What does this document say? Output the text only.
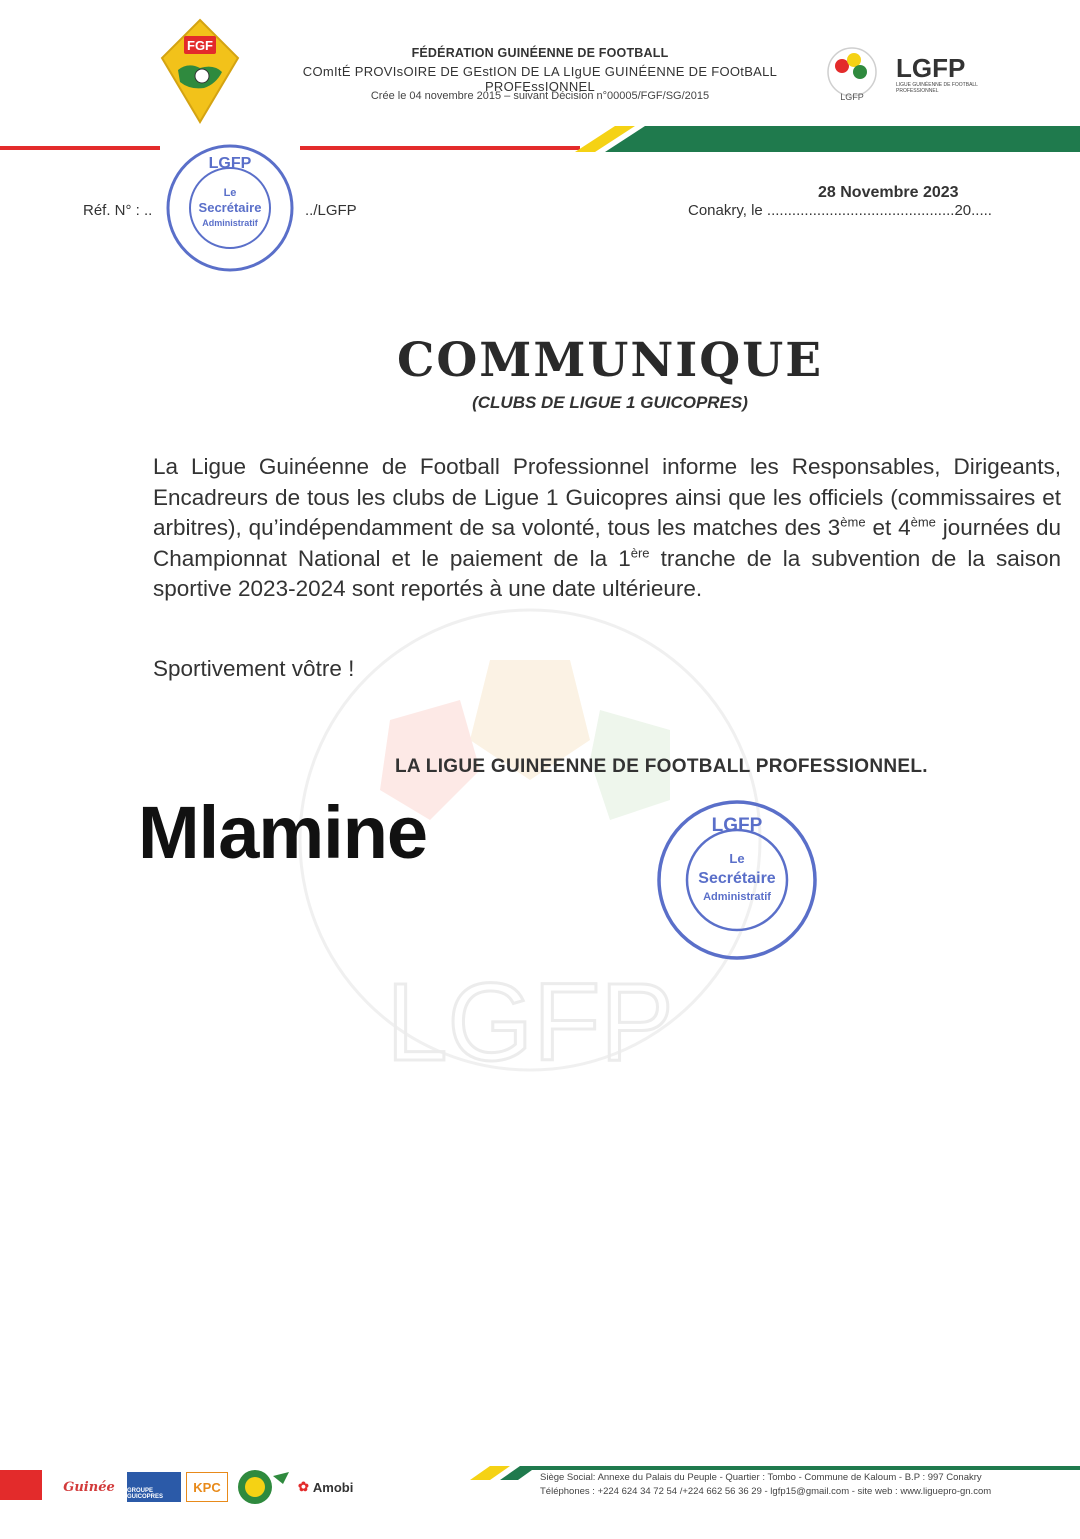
FGF	FÉDÉRATION GUINÉENNE DE FOOTBALL
COmItÉ PROVIsOIRE DE GEstION DE LA LIgUE GUINÉENNE DE FOOtBALL PROFEssIONNEL
Crée le 04 novembre 2015 – suivant Décision n°00005/FGF/SG/2015	LGFP
LGFP
LIGUE GUINÉENNE DE FOOTBALL PROFESSIONNEL
Réf. N° : ..	../LGFP
28 Novembre 2023
Conakry, le .............................................20.....
LGFP
Le
Secrétaire
Administratif
COMMUNIQUE
(CLUBS DE LIGUE 1 GUICOPRES)
LGFP
La Ligue Guinéenne de Football Professionnel informe les Responsables, Dirigeants, Encadreurs de tous les clubs de Ligue 1 Guicopres ainsi que les officiels (commissaires et arbitres), qu’indépendamment de sa volonté, tous les matches des 3ème et 4ème journées du Championnat National et le paiement de la 1ère tranche de la subvention de la saison sportive 2023-2024 sont reportés à une date ultérieure.
Sportivement vôtre !
LA LIGUE GUINEENNE DE FOOTBALL PROFESSIONNEL.
Mlamine	LGFP
Le
Secrétaire
Administratif
Guinée GROUPE GUICOPRES
KPC	✿ Amobi
Siège Social: Annexe du Palais du Peuple - Quartier : Tombo - Commune de Kaloum - B.P : 997 Conakry
Téléphones : +224 624 34 72 54 /+224 662 56 36 29 - lgfp15@gmail.com - site web : www.liguepro-gn.com
